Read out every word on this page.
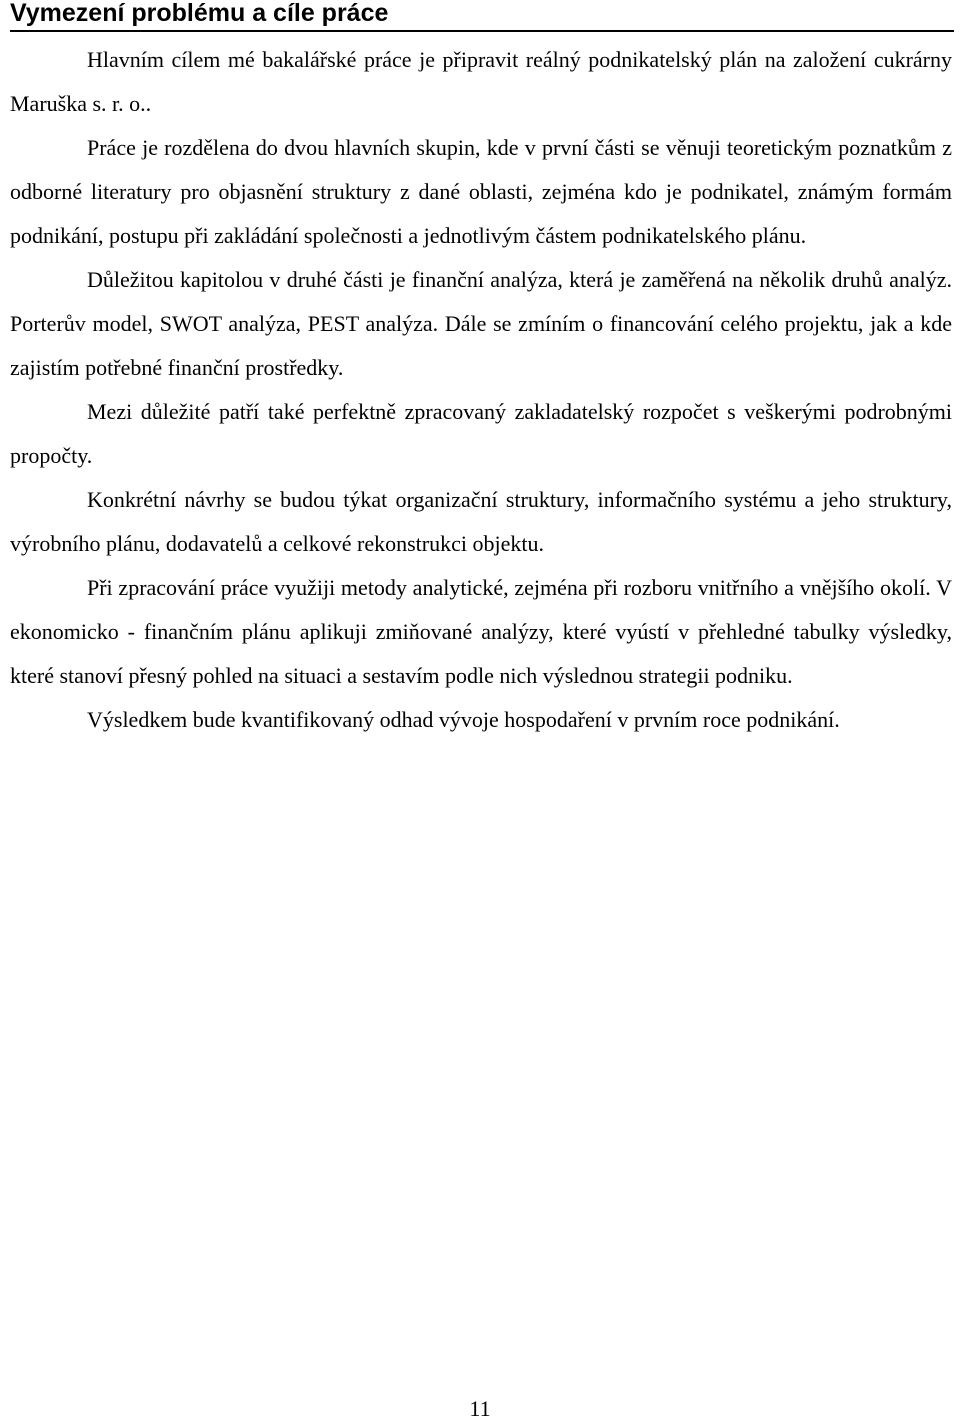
Vymezení problému a cíle práce

Hlavním cílem mé bakalářské práce je připravit reálný podnikatelský plán na založení cukrárny Maruška s. r. o..

Práce je rozdělena do dvou hlavních skupin, kde v první části se věnuji teoretickým poznatkům z odborné literatury pro objasnění struktury z dané oblasti, zejména kdo je podnikatel, známým formám podnikání, postupu při zakládání společnosti a jednotlivým částem podnikatelského plánu.

Důležitou kapitolou v druhé části je finanční analýza, která je zaměřená na několik druhů analýz. Porterův model, SWOT analýza, PEST analýza. Dále se zmíním o financování celého projektu, jak a kde zajistím potřebné finanční prostředky.

Mezi důležité patří také perfektně zpracovaný zakladatelský rozpočet s veškerými podrobnými propočty.

Konkrétní návrhy se budou týkat organizační struktury, informačního systému a jeho struktury, výrobního plánu, dodavatelů a celkové rekonstrukci objektu.

Při zpracování práce využiji metody analytické, zejména při rozboru vnitřního a vnějšího okolí. V ekonomicko - finančním plánu aplikuji zmiňované analýzy, které vyústí v přehledné tabulky výsledky, které stanoví přesný pohled na situaci a sestavím podle nich výslednou strategii podniku.

Výsledkem bude kvantifikovaný odhad vývoje hospodaření v prvním roce podnikání.

11
